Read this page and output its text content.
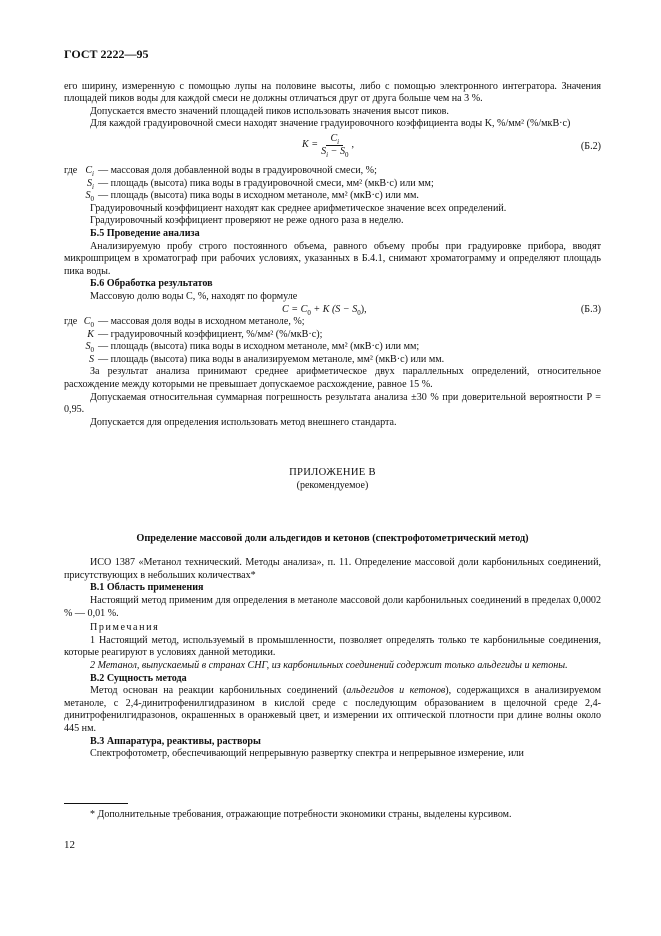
ГОСТ 2222—95

его ширину, измеренную с помощью лупы на половине высоты, либо с помощью электронного интегратора. Значения площадей пиков воды для каждой смеси не должны отличаться друг от друга больше чем на 3 %.

Допускается вместо значений площадей пиков использовать значения высот пиков.

Для каждой градуировочной смеси находят значение градуировочного коэффициента воды K, %/мм² (%/мкВ·с)

$K = \frac{C_i}{S_i - S_0}$ ,	(Б.2)
где $C_i$ — массовая доля добавленной воды в градуировочной смеси, %;
$S_i$ — площадь (высота) пика воды в градуировочной смеси, мм² (мкВ·с) или мм;
$S_0$ — площадь (высота) пика воды в исходном метаноле, мм² (мкВ·с) или мм.

Градуировочный коэффициент находят как среднее арифметическое значение всех определений.

Градуировочный коэффициент проверяют не реже одного раза в неделю.

Б.5 Проведение анализа

Анализируемую пробу строго постоянного объема, равного объему пробы при градуировке прибора, вводят микрошприцем в хроматограф при рабочих условиях, указанных в Б.4.1, снимают хроматограмму и определяют площадь пика воды.

Б.6 Обработка результатов

Массовую долю воды C, %, находят по формуле

$C = C_0 + K$ $(S - S_0)$,	(Б.3)
где $C_0$ — массовая доля воды в исходном метаноле, %;
K — градуировочный коэффициент, %/мм² (%/мкВ·с);
$S_0$ — площадь (высота) пика воды в исходном метаноле, мм² (мкВ·с) или мм;
S — площадь (высота) пика воды в анализируемом метаноле, мм² (мкВ·с) или мм.

За результат анализа принимают среднее арифметическое двух параллельных определений, относительное расхождение между которыми не превышает допускаемое расхождение, равное 15 %.

Допускаемая относительная суммарная погрешность результата анализа ±30 % при доверительной вероятности P = 0,95.

Допускается для определения использовать метод внешнего стандарта.

ПРИЛОЖЕНИЕ В
(рекомендуемое)
Определение массовой доли альдегидов и кетонов (спектрофотометрический метод)

ИСО 1387 «Метанол технический. Методы анализа», п. 11. Определение массовой доли карбонильных соединений, присутствующих в небольших количествах*

В.1 Область применения

Настоящий метод применим для определения в метаноле массовой доли карбонильных соединений в пределах 0,0002 % — 0,01 %.

Примечания

1 Настоящий метод, используемый в промышленности, позволяет определять только те карбонильные соединения, которые реагируют в условиях данной методики.

2 Метанол, выпускаемый в странах СНГ, из карбонильных соединений содержит только альдегиды и кетоны.

В.2 Сущность метода

Метод основан на реакции карбонильных соединений (альдегидов и кетонов), содержащихся в анализируемом метаноле, с 2,4-динитрофенилгидразином в кислой среде с последующим образованием в щелочной среде 2,4-динитрофенилгидразонов, окрашенных в оранжевый цвет, и измерении их оптической плотности при длине волны около 445 нм.

В.3 Аппаратура, реактивы, растворы

Спектрофотометр, обеспечивающий непрерывную развертку спектра и непрерывное измерение, или

* Дополнительные требования, отражающие потребности экономики страны, выделены курсивом.
12
